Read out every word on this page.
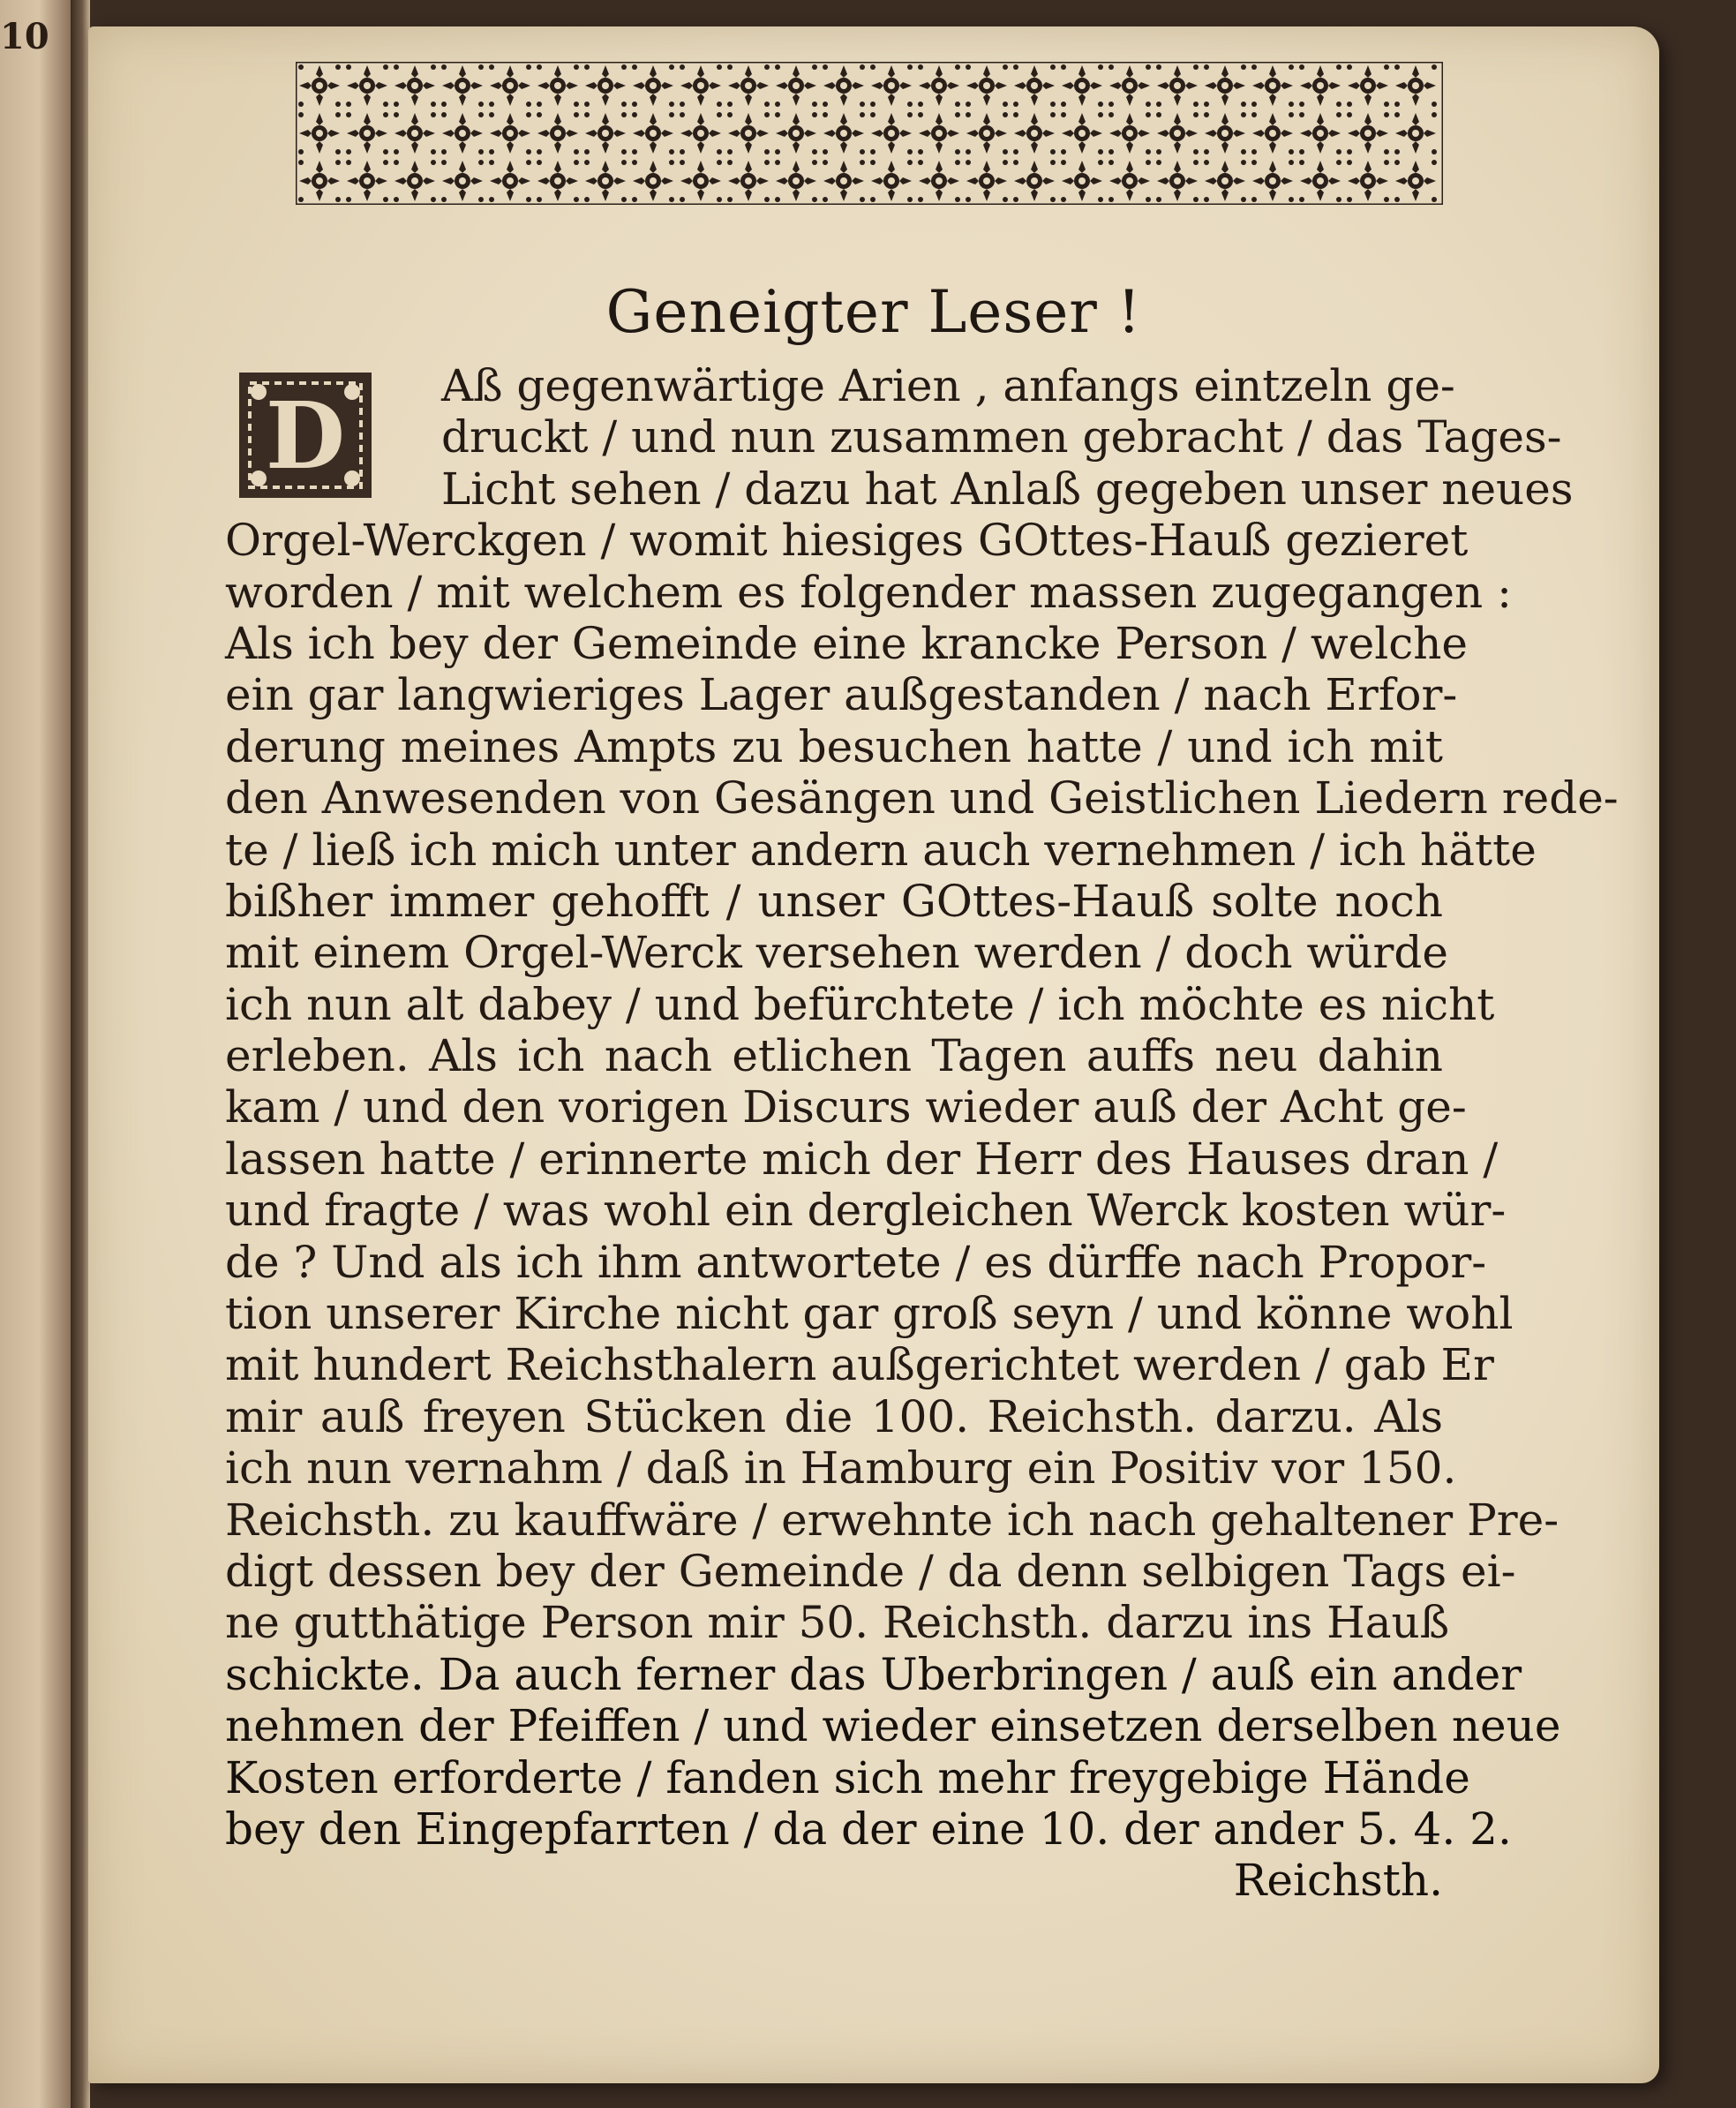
10
Geneigter Leser !
D	Aß gegenwärtige Arien , anfangs eintzeln ge-
druckt / und nun zusammen gebracht / das Tages-
Licht sehen / dazu hat Anlaß gegeben unser neues
Orgel-Werckgen / womit hiesiges GOttes-Hauß gezieret
worden / mit welchem es folgender massen zugegangen :
Als ich bey der Gemeinde eine krancke Person / welche
ein gar langwieriges Lager außgestanden / nach Erfor-
derung meines Ampts zu besuchen hatte / und ich mit
den Anwesenden von Gesängen und Geistlichen Liedern rede-
te / ließ ich mich unter andern auch vernehmen / ich hätte
bißher immer gehofft / unser GOttes-Hauß solte noch
mit einem Orgel-Werck versehen werden / doch würde
ich nun alt dabey / und befürchtete / ich möchte es nicht
erleben. Als ich nach etlichen Tagen auffs neu dahin
kam / und den vorigen Discurs wieder auß der Acht ge-
lassen hatte / erinnerte mich der Herr des Hauses dran /
und fragte / was wohl ein dergleichen Werck kosten wür-
de ? Und als ich ihm antwortete / es dürffe nach Propor-
tion unserer Kirche nicht gar groß seyn / und könne wohl
mit hundert Reichsthalern außgerichtet werden / gab Er
mir auß freyen Stücken die 100. Reichsth. darzu. Als
ich nun vernahm / daß in Hamburg ein Positiv vor 150.
Reichsth. zu kauffwäre / erwehnte ich nach gehaltener Pre-
digt dessen bey der Gemeinde / da denn selbigen Tags ei-
ne gutthätige Person mir 50. Reichsth. darzu ins Hauß
schickte. Da auch ferner das Uberbringen / auß ein ander
nehmen der Pfeiffen / und wieder einsetzen derselben neue
Kosten erforderte / fanden sich mehr freygebige Hände
bey den Eingepfarrten / da der eine 10. der ander 5. 4. 2.
Reichsth.
